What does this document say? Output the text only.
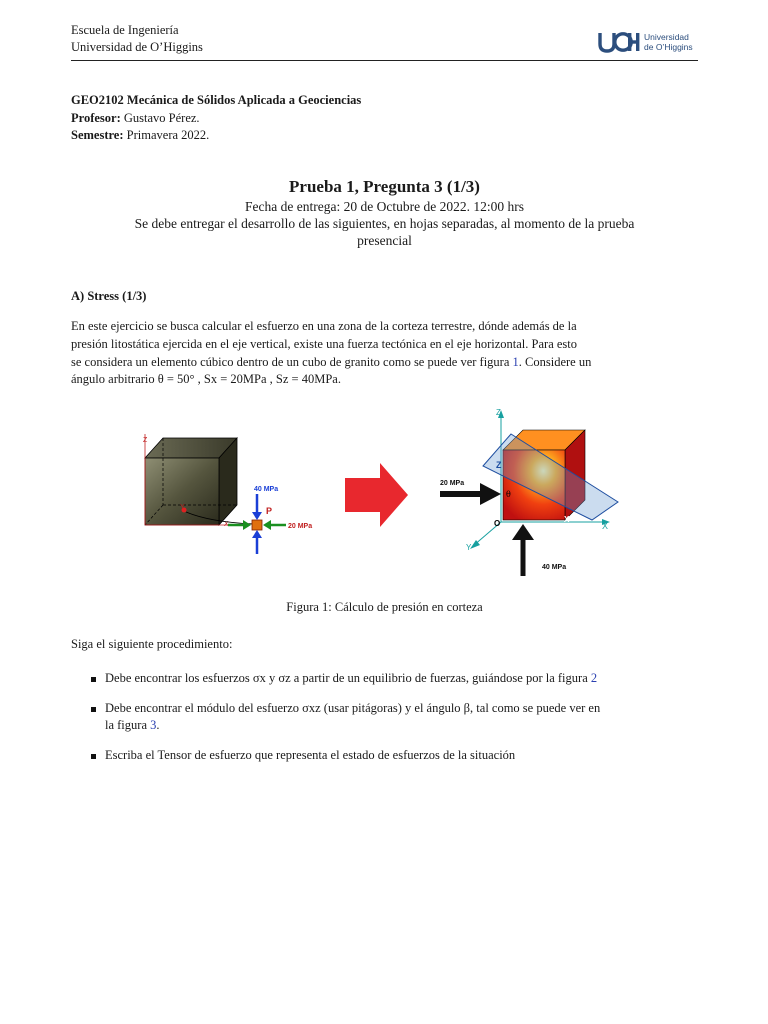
Escuela de Ingeniería
Universidad de O’Higgins
Universidad
de O’Higgins
GEO2102 Mecánica de Sólidos Aplicada a Geociencias
Profesor: Gustavo Pérez.
Semestre: Primavera 2022.
Prueba 1, Pregunta 3 (1/3)
Fecha de entrega: 20 de Octubre de 2022. 12:00 hrs
Se debe entregar el desarrollo de las siguientes, en hojas separadas, al momento de la prueba
presencial
A) Stress (1/3)
En este ejercicio se busca calcular el esfuerzo en una zona de la corteza terrestre, dónde además de la
presión litostática ejercida en el eje vertical, existe una fuerza tectónica en el eje horizontal. Para esto
se considera un elemento cúbico dentro de un cubo de granito como se puede ver figura 1. Considere un
ángulo arbitrario θ = 50° , Sx = 20MPa , Sz = 40MPa.
Z
X
Y
40 MPa
P
20 MPa
Z
X
Y
O	X
Z
θ
20 MPa
40 MPa
Figura 1: Cálculo de presión en corteza
Siga el siguiente procedimiento:
Debe encontrar los esfuerzos σx y σz a partir de un equilibrio de fuerzas, guiándose por la figura 2
Debe encontrar el módulo del esfuerzo σxz (usar pitágoras) y el ángulo β, tal como se puede ver en
la figura 3.
Escriba el Tensor de esfuerzo que representa el estado de esfuerzos de la situación
